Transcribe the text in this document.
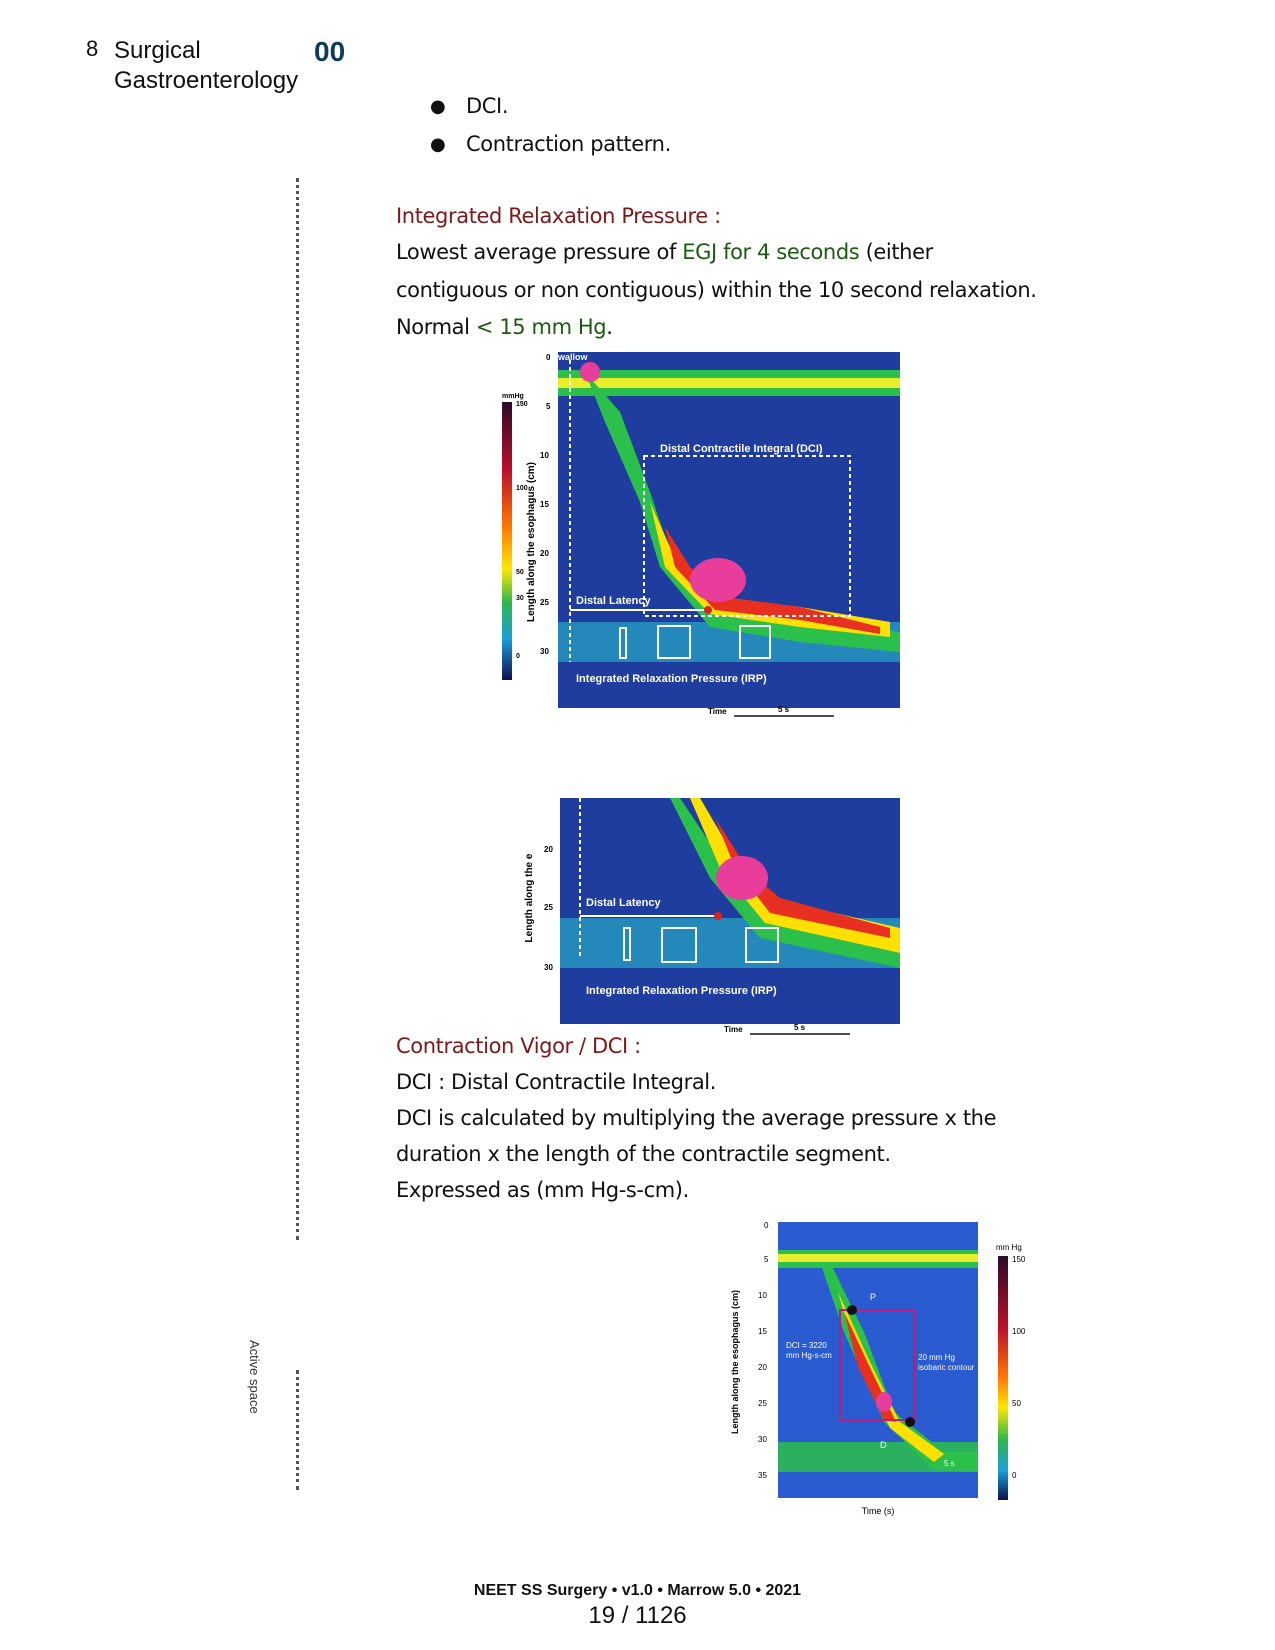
8 Surgical
Gastroenterology
00
● DCI.
● Contraction pattern.
Integrated Relaxation Pressure :
Lowest average pressure of EGJ for 4 seconds (either
contiguous or non contiguous) within the 10 second relaxation.
Normal < 15 mm Hg.
mmHg
150
100
50
30
0
Length along the esophagus (cm)
Swallow
Distal Contractile Integral (DCI)
Distal Latency
Integrated Relaxation Pressure (IRP)
0
5
10
15
20
25
30
Time	5 s
Length along the e	Distal Latency
Integrated Relaxation Pressure (IRP)
20
25
30
Time	5 s
Contraction Vigor / DCI :
DCI : Distal Contractile Integral.
DCI is calculated by multiplying the average pressure x the
duration x the length of the contractile segment.
Expressed as (mm Hg-s-cm).
Length along the esophagus (cm)	P
D
DCI = 3220
mm Hg-s-cm	20 mm Hg
isobaric contour
5 s
0
5
10
15
20
25
30
35
Time (s)
mm Hg
150
100
50
0
Active space
NEET SS Surgery • v1.0 • Marrow 5.0 • 2021
19 / 1126
